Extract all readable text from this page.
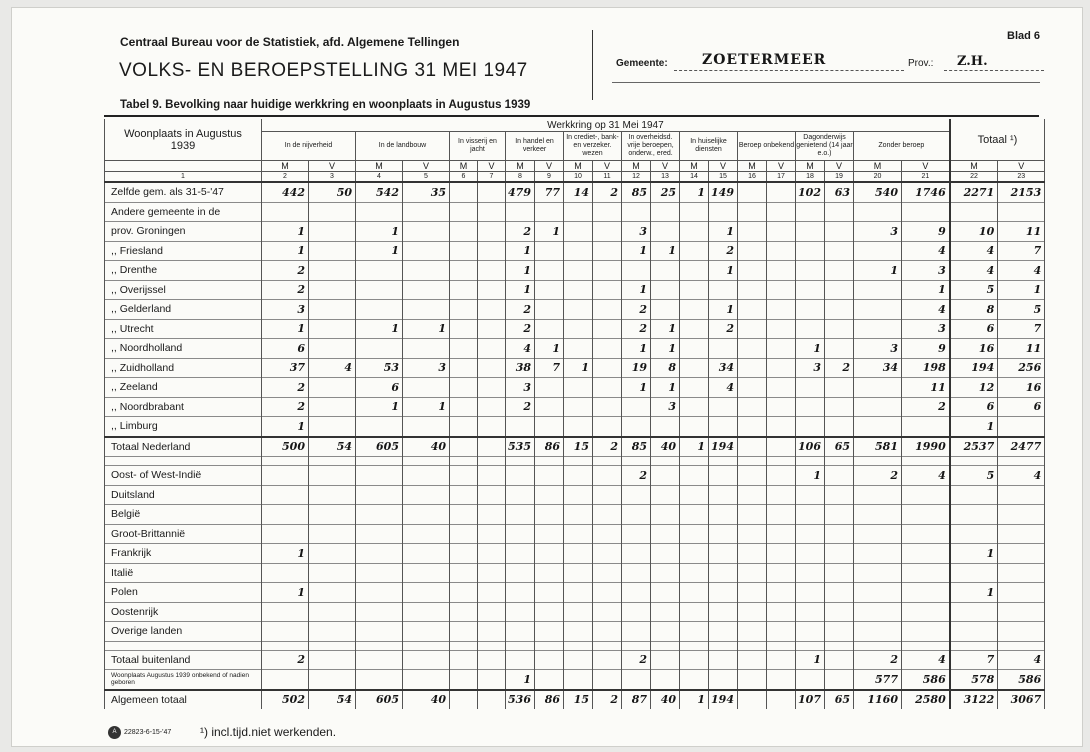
Centraal Bureau voor de Statistiek, afd. Algemene Tellingen
VOLKS- EN BEROEPSTELLING 31 MEI 1947
Blad 6
Gemeente: ZOETERMEER	Prov.: Z.H.
Tabel 9. Bevolking naar huidige werkkring en woonplaats in Augustus 1939
Woonplaats in Augustus 1939	Werkkring op 31 Mei 1947																				Totaal ¹)	
	In de nijverheid		In de landbouw		In visserij en jacht		In handel en verkeer		In crediet-, bank- en verzeker. wezen		In overheidsd. vrije beroepen, onderw., ered.		In huiselijke diensten		Beroep onbekend		Dagonderwijs genietend (14 jaar e.o.)		Zonder beroep			
	M	V	M	V	M	V	M	V	M	V	M	V	M	V	M	V	M	V	M	V	M	V
1	2	3	4	5	6	7	8	9	10	11	12	13	14	15	16	17	18	19	20	21	22	23
Zelfde gem. als 31-5-'47	442	50	542	35			479	77	14	2	85	25	1	149			102	63	540	1746	2271	2153
Andere gemeente in de																						
prov. Groningen	1		1				2	1			3			1					3	9	10	11
,, Friesland	1		1				1				1	1		2						4	4	7
,, Drenthe	2						1							1					1	3	4	4
,, Overijssel	2						1				1									1	5	1
,, Gelderland	3						2				2			1						4	8	5
,, Utrecht	1		1	1			2				2	1		2						3	6	7
,, Noordholland	6						4	1			1	1					1		3	9	16	11
,, Zuidholland	37	4	53	3			38	7	1		19	8		34			3	2	34	198	194	256
,, Zeeland	2		6				3				1	1		4						11	12	16
,, Noordbrabant	2		1	1			2					3								2	6	6
,, Limburg	1																				1	
Totaal Nederland	500	54	605	40			535	86	15	2	85	40	1	194			106	65	581	1990	2537	2477

Oost- of West-Indië											2						1		2	4	5	4
Duitsland																						
België																						
Groot-Brittannië																						
Frankrijk	1																				1	
Italië																						
Polen	1																				1	
Oostenrijk																						
Overige landen																						

Totaal buitenland	2										2						1		2	4	7	4
Woonplaats Augustus 1939 onbekend of nadien geboren							1												577	586	578	586
Algemeen totaal	502	54	605	40			536	86	15	2	87	40	1	194			107	65	1160	2580	3122	3067
A	22823-6-15-'47 ¹) incl.tijd.niet werkenden.
